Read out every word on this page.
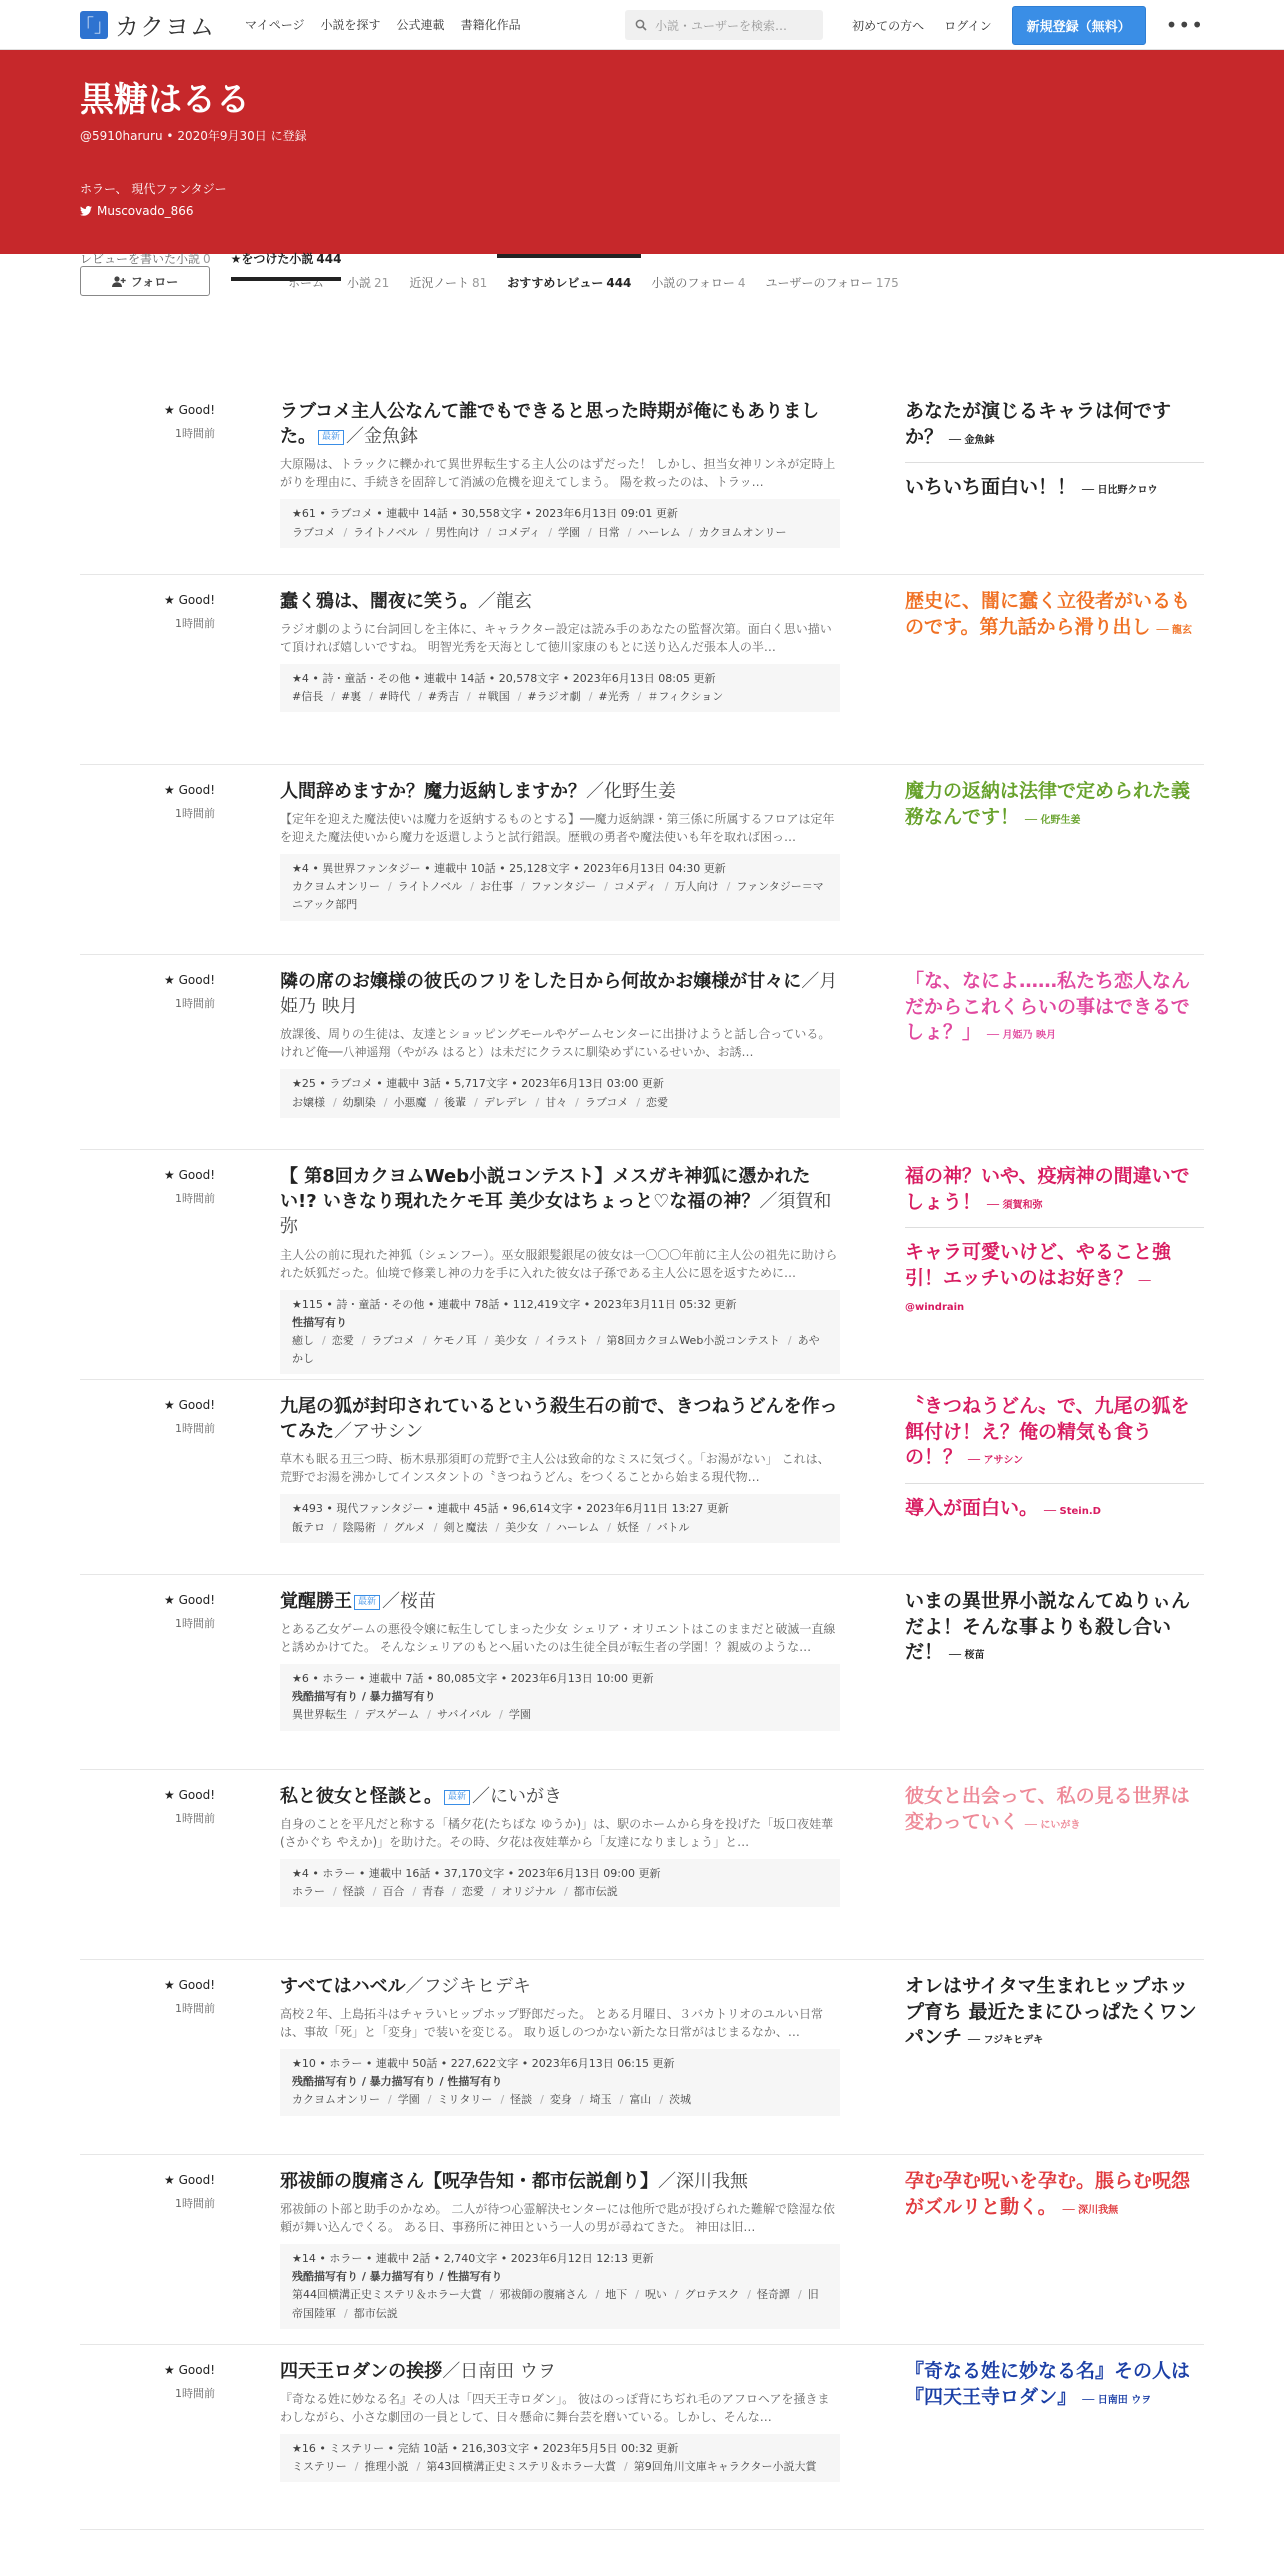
「」 カクヨム	マイページ 小説を探す 公式連載 書籍化作品	小説・ユーザーを検索…	初めての方へ ログイン	新規登録（無料）	•••
黒糖はるる
@5910haruru • 2020年9月30日 に登録
ホラー、 現代ファンタジー
Muscovado_866
フォロー	ホーム	小説 21	近況ノート 81	おすすめレビュー 444	小説のフォロー 4	ユーザーのフォロー 175
レビューを書いた小説 0 ★をつけた小説 444
★ Good!
1時間前
ラブコメ主人公なんて誰でもできると思った時期が俺にもありました。 最新 ／金魚鉢
大原陽は、トラックに轢かれて異世界転生する主人公のはずだった！ しかし、担当女神リンネが定時上がりを理由に、手続きを固辞して消滅の危機を迎えてしまう。 陽を救ったのは、トラッ…
★61 • ラブコメ • 連載中 14話 • 30,558文字 • 2023年6月13日 09:01 更新
ラブコメ / ライトノベル / 男性向け / コメディ / 学園 / 日常 / ハーレム / カクヨムオンリー
あなたが演じるキャラは何ですか？ ── 金魚鉢
いちいち面白い！！ ── 日比野クロウ
★ Good!
1時間前
蠢く鴉は、闇夜に笑う。／龍玄
ラジオ劇のように台詞回しを主体に、キャラクター設定は読み手のあなたの監督次第。面白く思い描いて頂ければ嬉しいですね。 明智光秀を天海として徳川家康のもとに送り込んだ張本人の半…
★4 • 詩・童話・その他 • 連載中 14話 • 20,578文字 • 2023年6月13日 08:05 更新
#信長 / #裏 / #時代 / #秀吉 / ＃戦国 / #ラジオ劇 / #光秀 / ＃フィクション
歴史に、闇に蠢く立役者がいるものです。第九話から滑り出し ── 龍玄
★ Good!
1時間前
人間辞めますか？魔力返納しますか？／化野生姜
【定年を迎えた魔法使いは魔力を返納するものとする】──魔力返納課・第三係に所属するフロアは定年を迎えた魔法使いから魔力を返還しようと試行錯誤。歴戦の勇者や魔法使いも年を取れば困っ…
★4 • 異世界ファンタジー • 連載中 10話 • 25,128文字 • 2023年6月13日 04:30 更新
カクヨムオンリー / ライトノベル / お仕事 / ファンタジー / コメディ / 万人向け / ファンタジー＝マニアック部門
魔力の返納は法律で定められた義務なんです！ ── 化野生姜
★ Good!
1時間前
隣の席のお嬢様の彼氏のフリをした日から何故かお嬢様が甘々に／月姫乃 映月
放課後、周りの生徒は、友達とショッピングモールやゲームセンターに出掛けようと話し合っている。 けれど俺──八神遥翔（やがみ はると）は未だにクラスに馴染めずにいるせいか、お誘…
★25 • ラブコメ • 連載中 3話 • 5,717文字 • 2023年6月13日 03:00 更新
お嬢様 / 幼馴染 / 小悪魔 / 後輩 / デレデレ / 甘々 / ラブコメ / 恋愛
「な、なによ……私たち恋人なんだからこれくらいの事はできるでしょ？」 ── 月姫乃 映月
★ Good!
1時間前
【 第8回カクヨムWeb小説コンテスト】メスガキ神狐に憑かれたい!? いきなり現れたケモ耳 美少女はちょっと♡な福の神？／須賀和弥
主人公の前に現れた神狐（シェンフー）。巫女服銀髪銀尾の彼女は一〇〇〇年前に主人公の祖先に助けられた妖狐だった。仙境で修業し神の力を手に入れた彼女は子孫である主人公に恩を返すために…
★115 • 詩・童話・その他 • 連載中 78話 • 112,419文字 • 2023年3月11日 05:32 更新
性描写有り
癒し / 恋愛 / ラブコメ / ケモノ耳 / 美少女 / イラスト / 第8回カクヨムWeb小説コンテスト / あやかし
福の神？いや、疫病神の間違いでしょう！ ── 須賀和弥
キャラ可愛いけど、やること強引！エッチいのはお好き？ ── @windrain
★ Good!
1時間前
九尾の狐が封印されているという殺生石の前で、きつねうどんを作ってみた／アサシン
草木も眠る丑三つ時、栃木県那須町の荒野で主人公は致命的なミスに気づく。「お湯がない」 これは、荒野でお湯を沸かしてインスタントの〝きつねうどん〟をつくることから始まる現代物…
★493 • 現代ファンタジー • 連載中 45話 • 96,614文字 • 2023年6月11日 13:27 更新
飯テロ / 陰陽術 / グルメ / 剣と魔法 / 美少女 / ハーレム / 妖怪 / バトル
〝きつねうどん〟で、九尾の狐を餌付け！え？俺の精気も食うの！？ ── アサシン
導入が面白い。 ── Stein.D
★ Good!
1時間前
覚醒勝王 最新 ／桜苗
とある乙女ゲームの悪役令嬢に転生してしまった少女 シェリア・オリエントはこのままだと破滅一直線と誘めかけてた。 そんなシェリアのもとへ届いたのは生徒全員が転生者の学園！？親威のような…
★6 • ホラー • 連載中 7話 • 80,085文字 • 2023年6月13日 10:00 更新
残酷描写有り / 暴力描写有り
異世界転生 / デスゲーム / サバイバル / 学園
いまの異世界小説なんてぬりぃんだよ！そんな事よりも殺し合いだ！ ── 桜苗
★ Good!
1時間前
私と彼女と怪談と。 最新 ／にいがき
自身のことを平凡だと称する「橘夕花(たちばな ゆうか)」は、駅のホームから身を投げた「坂口夜娃華(さかぐち やえか)」を助けた。その時、夕花は夜娃華から「友達になりましょう」と…
★4 • ホラー • 連載中 16話 • 37,170文字 • 2023年6月13日 09:00 更新
ホラー / 怪談 / 百合 / 青春 / 恋愛 / オリジナル / 都市伝説
彼女と出会って、私の見る世界は変わっていく ── にいがき
★ Good!
1時間前
すべてはハベル／フジキヒデキ
高校２年、上島拓斗はチャラいヒップホップ野郎だった。 とある月曜日、３バカトリオのユルい日常は、事故「死」と「変身」で装いを変じる。 取り返しのつかない新たな日常がはじまるなか、…
★10 • ホラー • 連載中 50話 • 227,622文字 • 2023年6月13日 06:15 更新
残酷描写有り / 暴力描写有り / 性描写有り
カクヨムオンリー / 学園 / ミリタリー / 怪談 / 変身 / 埼玉 / 富山 / 茨城
オレはサイタマ生まれヒップホップ育ち 最近たまにひっぱたくワンパンチ ── フジキヒデキ
★ Good!
1時間前
邪祓師の腹痛さん【呪孕告知・都市伝説創り】／深川我無
邪祓師の卜部と助手のかなめ。 二人が待つ心霊解決センターには他所で匙が投げられた難解で陰湿な依頼が舞い込んでくる。 ある日、事務所に神田という一人の男が尋ねてきた。 神田は旧…
★14 • ホラー • 連載中 2話 • 2,740文字 • 2023年6月12日 12:13 更新
残酷描写有り / 暴力描写有り / 性描写有り
第44回横溝正史ミステリ＆ホラー大賞 / 邪祓師の腹痛さん / 地下 / 呪い / グロテスク / 怪奇譚 / 旧帝国陸軍 / 都市伝説
孕む孕む呪いを孕む。脹らむ呪怨がズルリと動く。 ── 深川我無
★ Good!
1時間前
四天王ロダンの挨拶／日南田 ウヲ
『奇なる姓に妙なる名』その人は「四天王寺ロダン」。 彼はのっぽ背にちぢれ毛のアフロヘアを掻きまわしながら、小さな劇団の一員として、日々懸命に舞台芸を磨いている。しかし、そんな…
★16 • ミステリー • 完結 10話 • 216,303文字 • 2023年5月5日 00:32 更新
ミステリー / 推理小説 / 第43回横溝正史ミステリ＆ホラー大賞 / 第9回角川文庫キャラクター小説大賞
『奇なる姓に妙なる名』その人は『四天王寺ロダン』 ── 日南田 ウヲ
